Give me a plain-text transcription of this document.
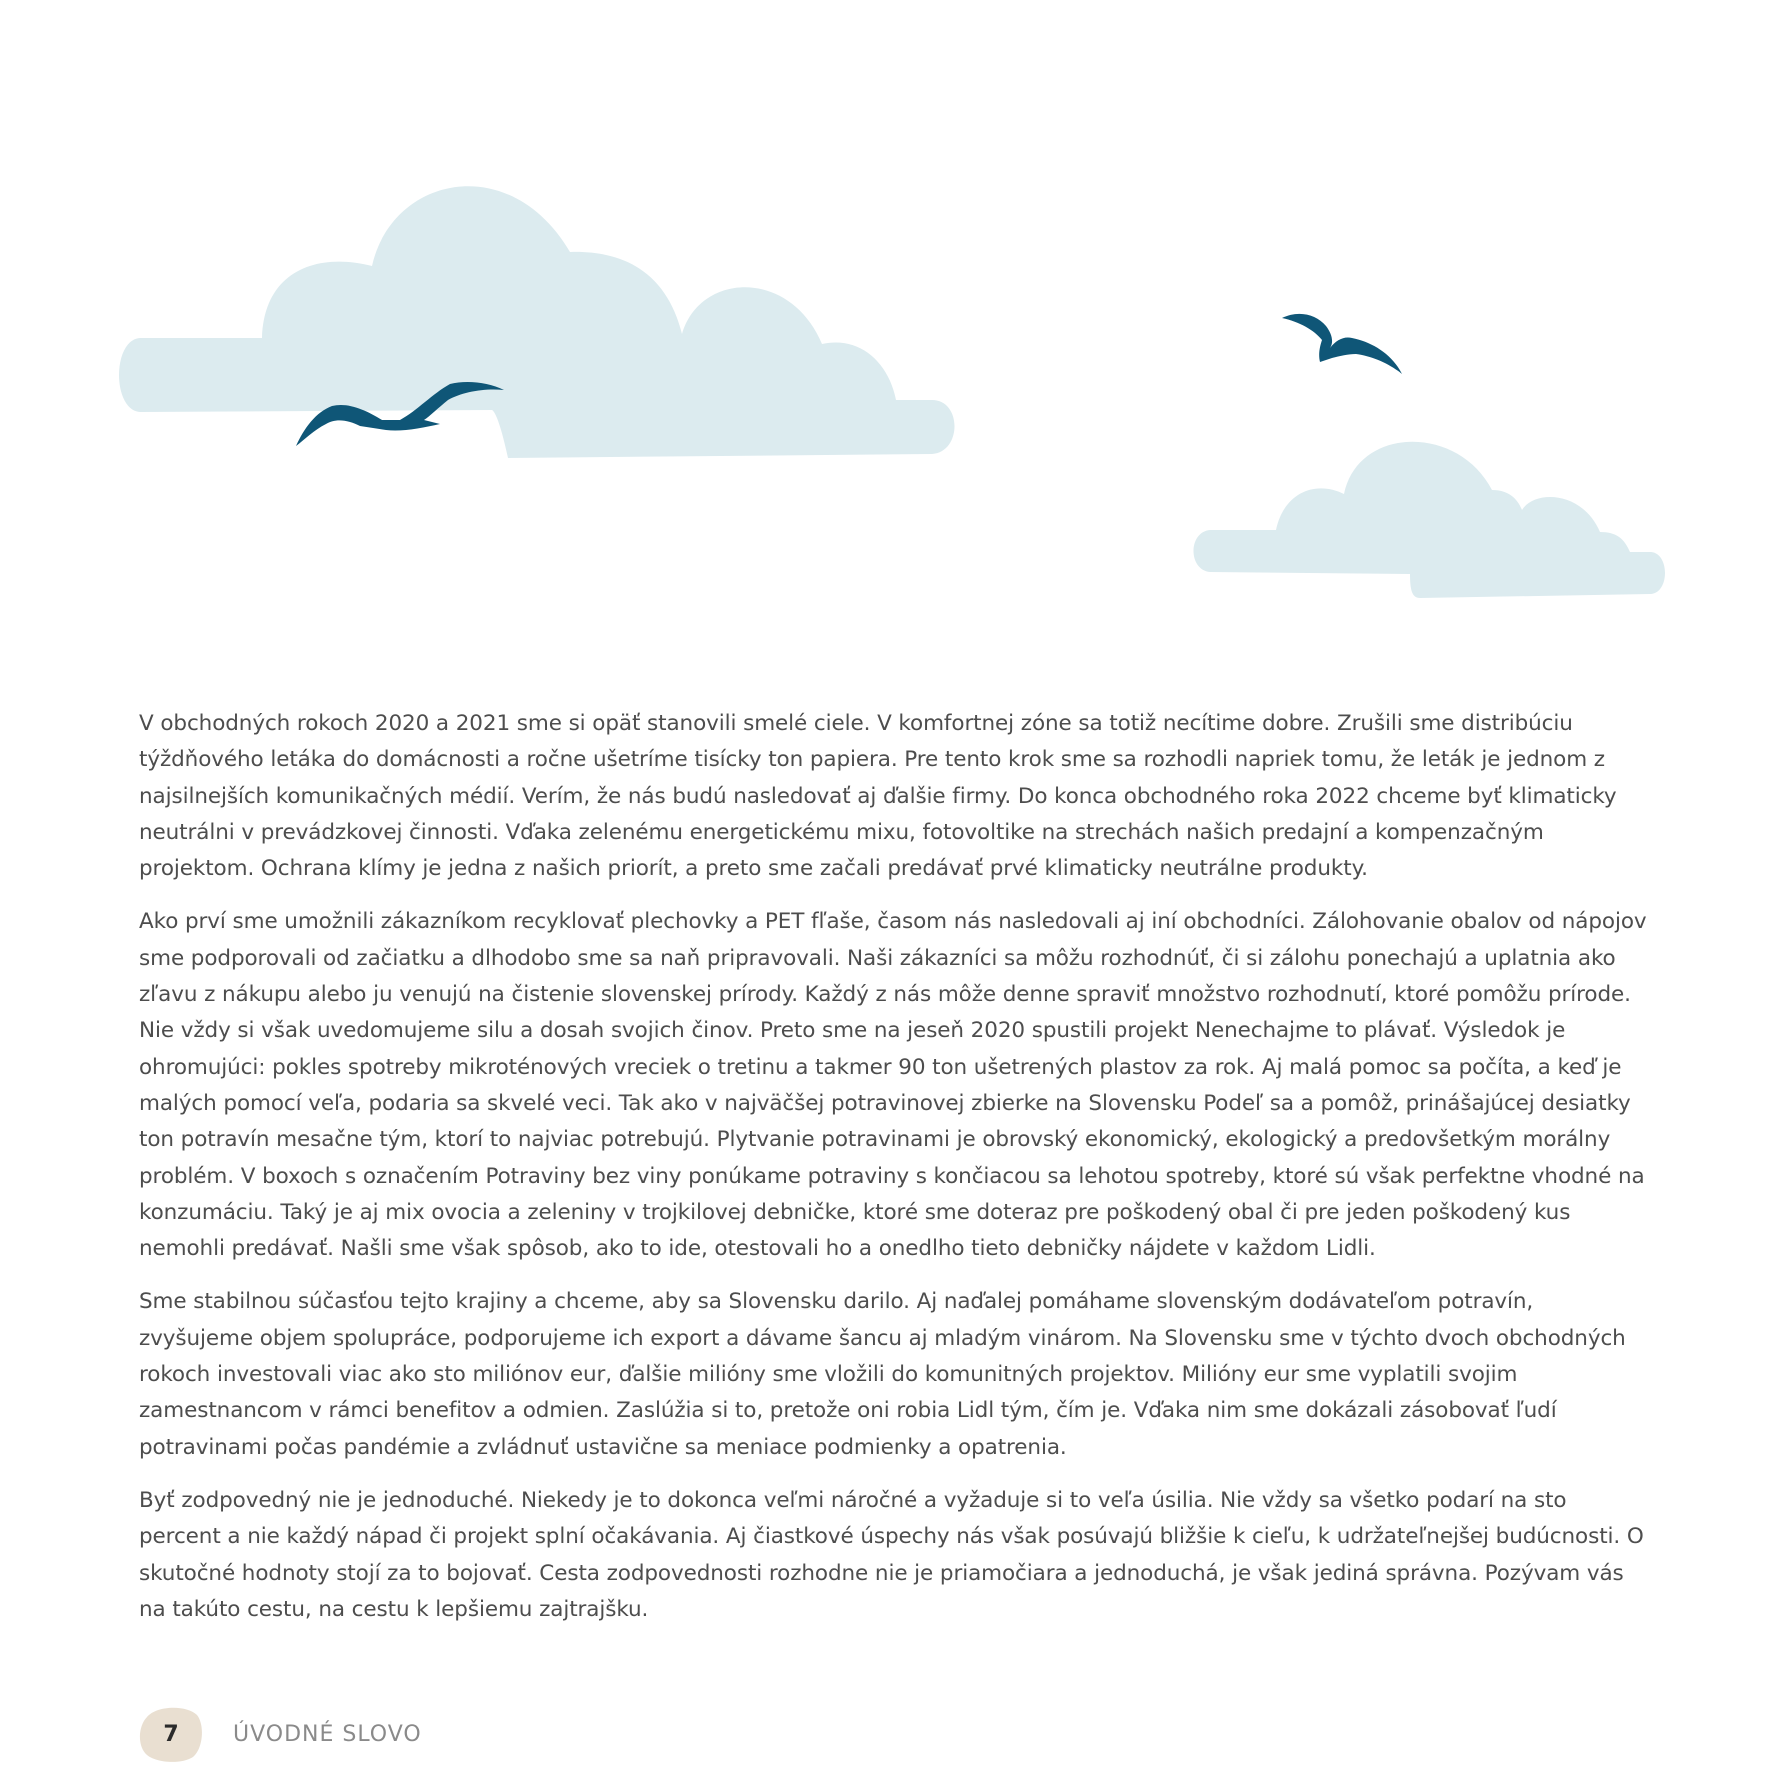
V obchodných rokoch 2020 a 2021 sme si opäť stanovili smelé ciele. V komfortnej zóne sa totiž necítime dobre. Zrušili sme distribúciu týždňového letáka do domácnosti a ročne ušetríme tisícky ton papiera. Pre tento krok sme sa rozhodli napriek tomu, že leták je jednom z najsilnejších komunikačných médií. Verím, že nás budú nasledovať aj ďalšie firmy. Do konca obchodného roka 2022 chceme byť klimaticky neutrálni v prevádzkovej činnosti. Vďaka zelenému energetickému mixu, fotovoltike na strechách našich predajní a kompenzačným projektom. Ochrana klímy je jedna z našich priorít, a preto sme začali predávať prvé klimaticky neutrálne produkty.

Ako prví sme umožnili zákazníkom recyklovať plechovky a PET fľaše, časom nás nasledovali aj iní obchodníci. Zálohovanie obalov od nápojov sme podporovali od začiatku a dlhodobo sme sa naň pripravovali. Naši zákazníci sa môžu rozhodnúť, či si zálohu ponechajú a uplatnia ako zľavu z nákupu alebo ju venujú na čistenie slovenskej prírody. Každý z nás môže denne spraviť množstvo rozhodnutí, ktoré pomôžu prírode. Nie vždy si však uvedomujeme silu a dosah svojich činov. Preto sme na jeseň 2020 spustili projekt Nenechajme to plávať. Výsledok je ohromujúci: pokles spotreby mikroténových vreciek o tretinu a takmer 90 ton ušetrených plastov za rok. Aj malá pomoc sa počíta, a keď je malých pomocí veľa, podaria sa skvelé veci. Tak ako v najväčšej potravinovej zbierke na Slovensku Podeľ sa a pomôž, prinášajúcej desiatky ton potravín mesačne tým, ktorí to najviac potrebujú. Plytvanie potravinami je obrovský ekonomický, ekologický a predovšetkým morálny problém. V boxoch s označením Potraviny bez viny ponúkame potraviny s končiacou sa lehotou spotreby, ktoré sú však perfektne vhodné na konzumáciu. Taký je aj mix ovocia a zeleniny v trojkilovej debničke, ktoré sme doteraz pre poškodený obal či pre jeden poškodený kus nemohli predávať. Našli sme však spôsob, ako to ide, otestovali ho a onedlho tieto debničky nájdete v každom Lidli.

Sme stabilnou súčasťou tejto krajiny a chceme, aby sa Slovensku darilo. Aj naďalej pomáhame slovenským dodávateľom potravín, zvyšujeme objem spolupráce, podporujeme ich export a dávame šancu aj mladým vinárom. Na Slovensku sme v týchto dvoch obchodných rokoch investovali viac ako sto miliónov eur, ďalšie milióny sme vložili do komunitných projektov. Milióny eur sme vyplatili svojim zamestnancom v rámci benefitov a odmien. Zaslúžia si to, pretože oni robia Lidl tým, čím je. Vďaka nim sme dokázali zásobovať ľudí potravinami počas pandémie a zvládnuť ustavične sa meniace podmienky a opatrenia.

Byť zodpovedný nie je jednoduché. Niekedy je to dokonca veľmi náročné a vyžaduje si to veľa úsilia. Nie vždy sa všetko podarí na sto percent a nie každý nápad či projekt splní očakávania. Aj čiastkové úspechy nás však posúvajú bližšie k cieľu, k udržateľnejšej budúcnosti. O skutočné hodnoty stojí za to bojovať. Cesta zodpovednosti rozhodne nie je priamočiara a jednoduchá, je však jediná správna. Pozývam vás na takúto cestu, na cestu k lepšiemu zajtrajšku.

7 ÚVODNÉ SLOVO
